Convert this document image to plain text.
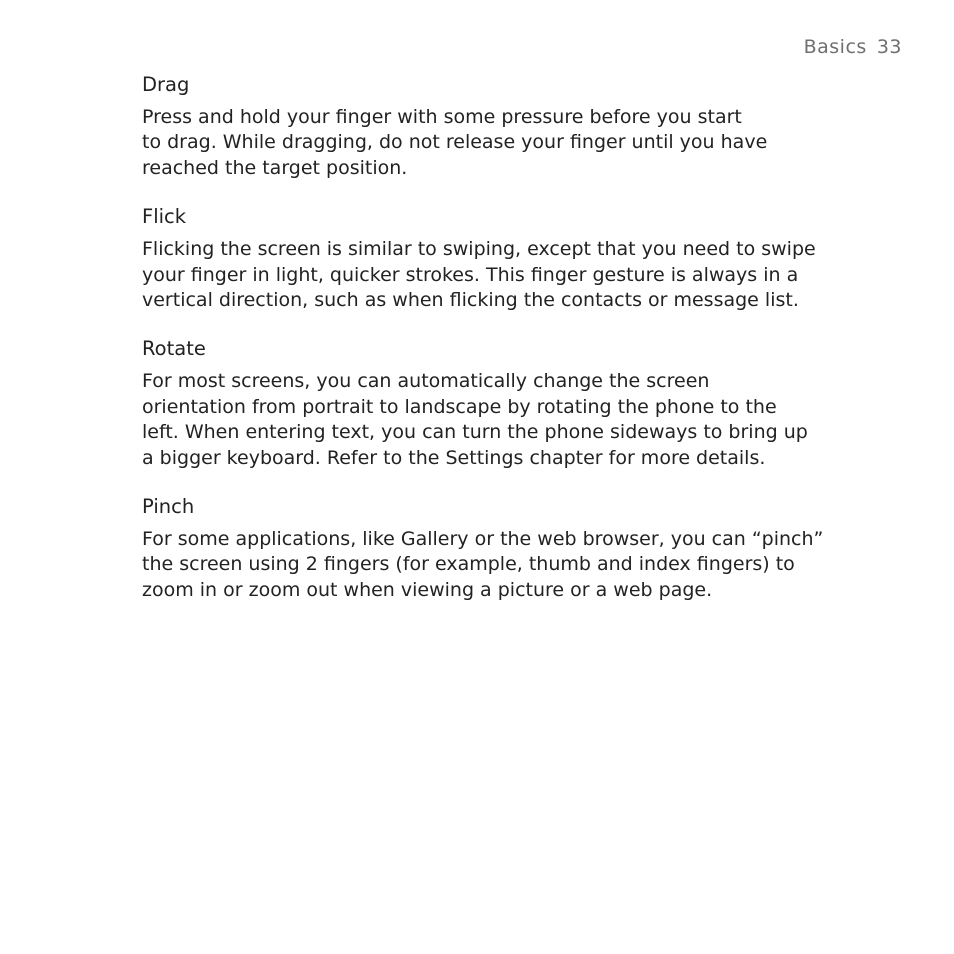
Basics 33
Drag

Press and hold your finger with some pressure before you start
to drag. While dragging, do not release your finger until you have
reached the target position.

Flick

Flicking the screen is similar to swiping, except that you need to swipe
your finger in light, quicker strokes. This finger gesture is always in a
vertical direction, such as when flicking the contacts or message list.

Rotate

For most screens, you can automatically change the screen
orientation from portrait to landscape by rotating the phone to the
left. When entering text, you can turn the phone sideways to bring up
a bigger keyboard. Refer to the Settings chapter for more details.

Pinch

For some applications, like Gallery or the web browser, you can “pinch”
the screen using 2 fingers (for example, thumb and index fingers) to
zoom in or zoom out when viewing a picture or a web page.
